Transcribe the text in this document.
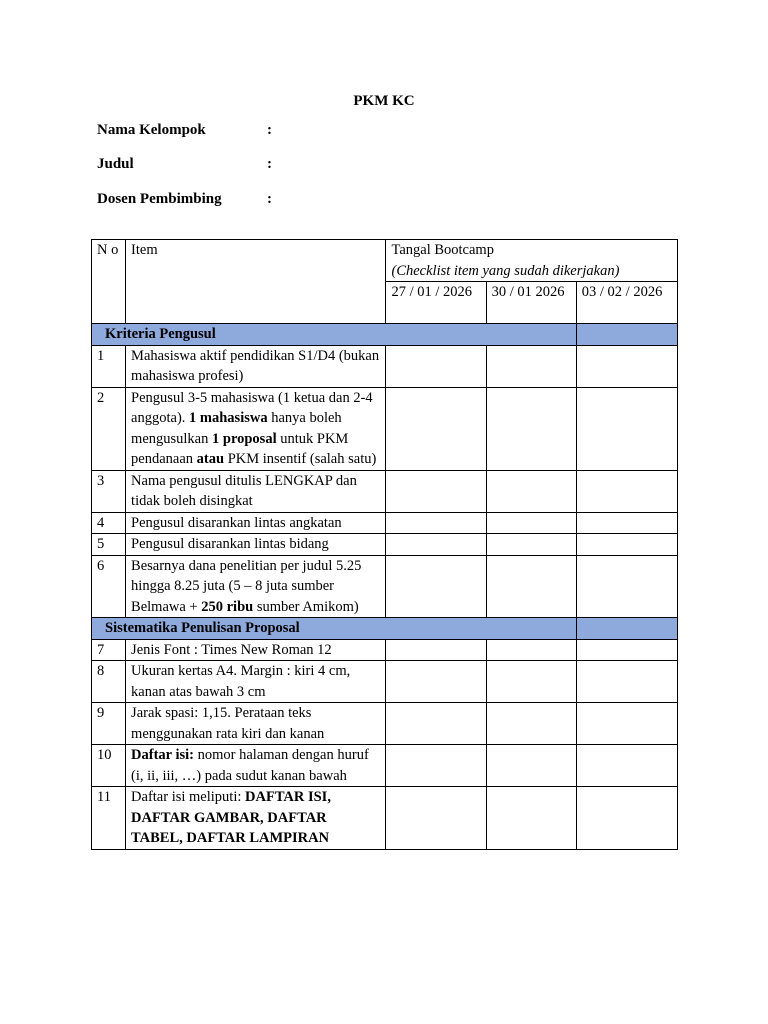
PKM KC
Nama Kelompok	:
Judul	:
Dosen Pembimbing	:
N o	Item	Tangal Bootcamp
(Checklist item yang sudah dikerjakan)		

		27 / 01 / 2026	30 / 01 2026	03 / 02 / 2026
Kriteria Pengusul				
1	Mahasiswa aktif pendidikan S1/D4 (bukan mahasiswa profesi)			
2	Pengusul 3-5 mahasiswa (1 ketua dan 2-4 anggota). 1 mahasiswa hanya boleh mengusulkan 1 proposal untuk PKM pendanaan atau PKM insentif (salah satu)			
3	Nama pengusul ditulis LENGKAP dan tidak boleh disingkat			
4	Pengusul disarankan lintas angkatan			
5	Pengusul disarankan lintas bidang			
6	Besarnya dana penelitian per judul 5.25 hingga 8.25 juta (5 – 8 juta sumber Belmawa + 250 ribu sumber Amikom)			
Sistematika Penulisan Proposal				
7	Jenis Font : Times New Roman 12			
8	Ukuran kertas A4. Margin : kiri 4 cm, kanan atas bawah 3 cm			
9	Jarak spasi: 1,15. Perataan teks menggunakan rata kiri dan kanan			
10	Daftar isi: nomor halaman dengan huruf (i, ii, iii, …) pada sudut kanan bawah			
11	Daftar isi meliputi: DAFTAR ISI, DAFTAR GAMBAR, DAFTAR TABEL, DAFTAR LAMPIRAN			
